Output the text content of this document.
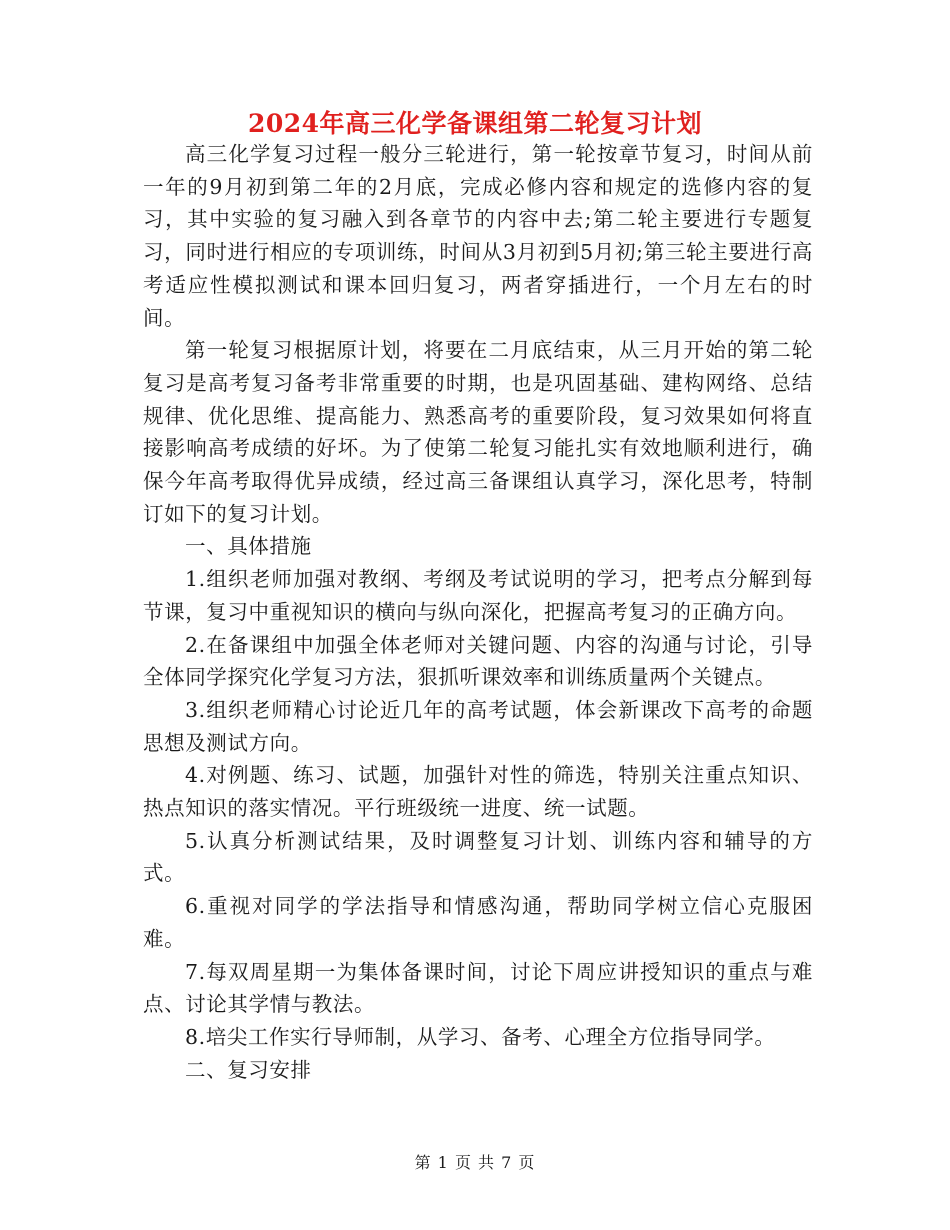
2024年高三化学备课组第二轮复习计划

高三化学复习过程一般分三轮进行，第一轮按章节复习，时间从前一年的9月初到第二年的2月底，完成必修内容和规定的选修内容的复习，其中实验的复习融入到各章节的内容中去;第二轮主要进行专题复习，同时进行相应的专项训练，时间从3月初到5月初;第三轮主要进行高考适应性模拟测试和课本回归复习，两者穿插进行，一个月左右的时间。

第一轮复习根据原计划，将要在二月底结束，从三月开始的第二轮复习是高考复习备考非常重要的时期，也是巩固基础、建构网络、总结规律、优化思维、提高能力、熟悉高考的重要阶段，复习效果如何将直接影响高考成绩的好坏。为了使第二轮复习能扎实有效地顺利进行，确保今年高考取得优异成绩，经过高三备课组认真学习，深化思考，特制订如下的复习计划。

一、具体措施

1.组织老师加强对教纲、考纲及考试说明的学习，把考点分解到每节课，复习中重视知识的横向与纵向深化，把握高考复习的正确方向。

2.在备课组中加强全体老师对关键问题、内容的沟通与讨论，引导全体同学探究化学复习方法，狠抓听课效率和训练质量两个关键点。

3.组织老师精心讨论近几年的高考试题，体会新课改下高考的命题思想及测试方向。

4.对例题、练习、试题，加强针对性的筛选，特别关注重点知识、热点知识的落实情况。平行班级统一进度、统一试题。

5.认真分析测试结果，及时调整复习计划、训练内容和辅导的方式。

6.重视对同学的学法指导和情感沟通，帮助同学树立信心克服困难。

7.每双周星期一为集体备课时间，讨论下周应讲授知识的重点与难点、讨论其学情与教法。

8.培尖工作实行导师制，从学习、备考、心理全方位指导同学。

二、复习安排

第 1 页 共 7 页
